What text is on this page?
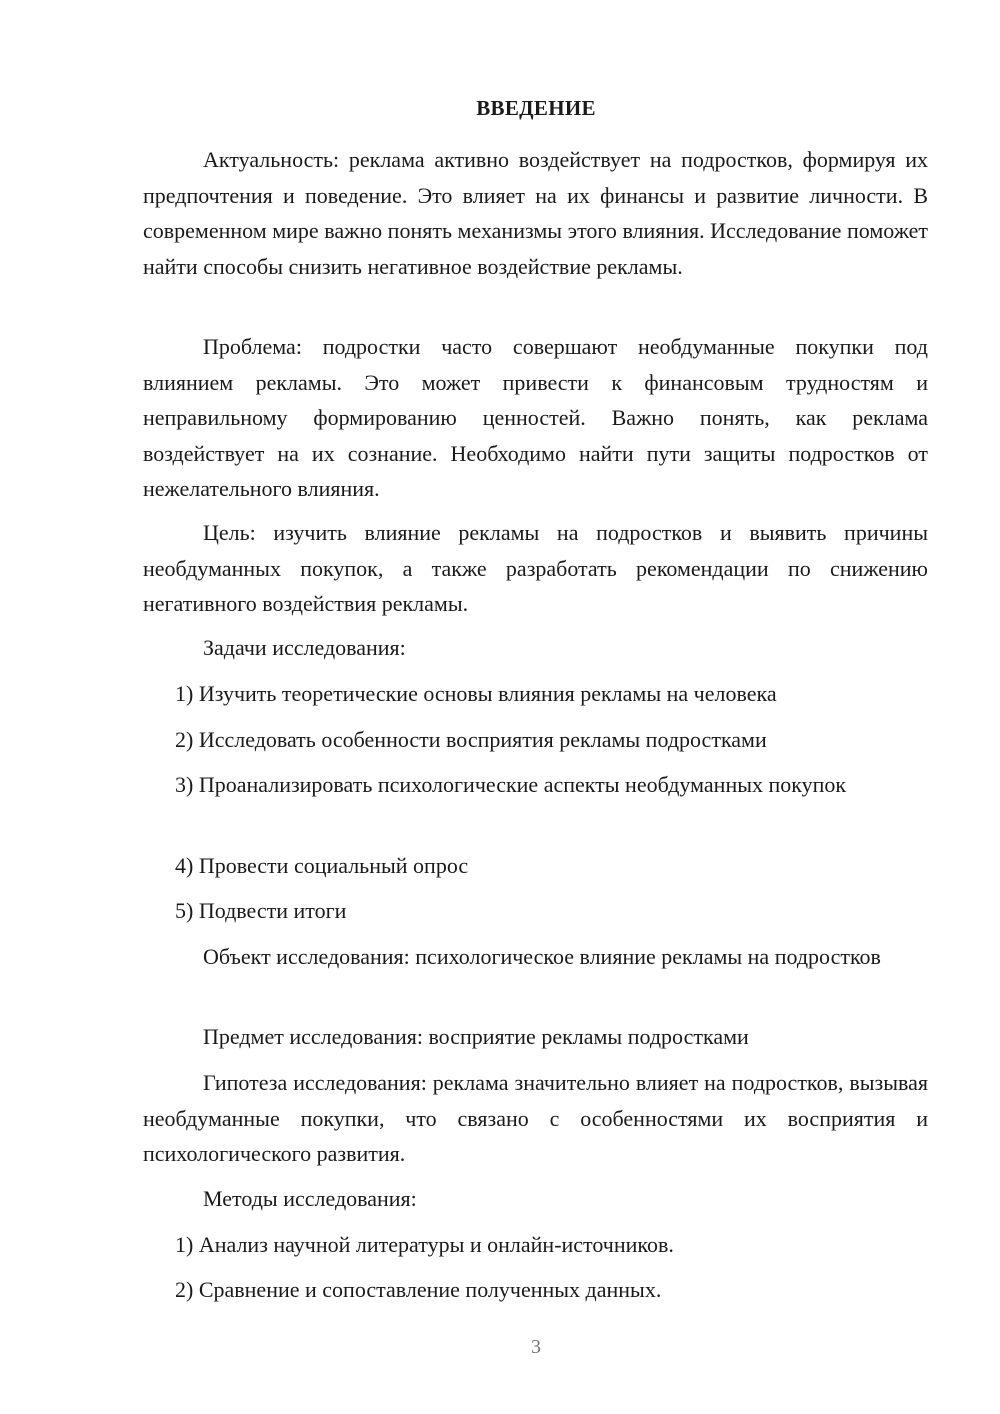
ВВЕДЕНИЕ

Актуальность: реклама активно воздействует на подростков, формируя их предпочтения и поведение. Это влияет на их финансы и развитие личности. В современном мире важно понять механизмы этого влияния. Исследование поможет найти способы снизить негативное воздействие рекламы.

Проблема: подростки часто совершают необдуманные покупки под влиянием рекламы. Это может привести к финансовым трудностям и неправильному формированию ценностей. Важно понять, как реклама воздействует на их сознание. Необходимо найти пути защиты подростков от нежелательного влияния.

Цель: изучить влияние рекламы на подростков и выявить причины необдуманных покупок, а также разработать рекомендации по снижению негативного воздействия рекламы.

Задачи исследования:

1) Изучить теоретические основы влияния рекламы на человека
2) Исследовать особенности восприятия рекламы подростками

3) Проанализировать психологические аспекты необдуманных покупок

4) Провести социальный опрос
5) Подвести итоги

Объект исследования: психологическое влияние рекламы на подростков

Предмет исследования: восприятие рекламы подростками

Гипотеза исследования: реклама значительно влияет на подростков, вызывая необдуманные покупки, что связано с особенностями их восприятия и психологического развития.

Методы исследования:

1) Анализ научной литературы и онлайн-источников.
2) Сравнение и сопоставление полученных данных.
3
